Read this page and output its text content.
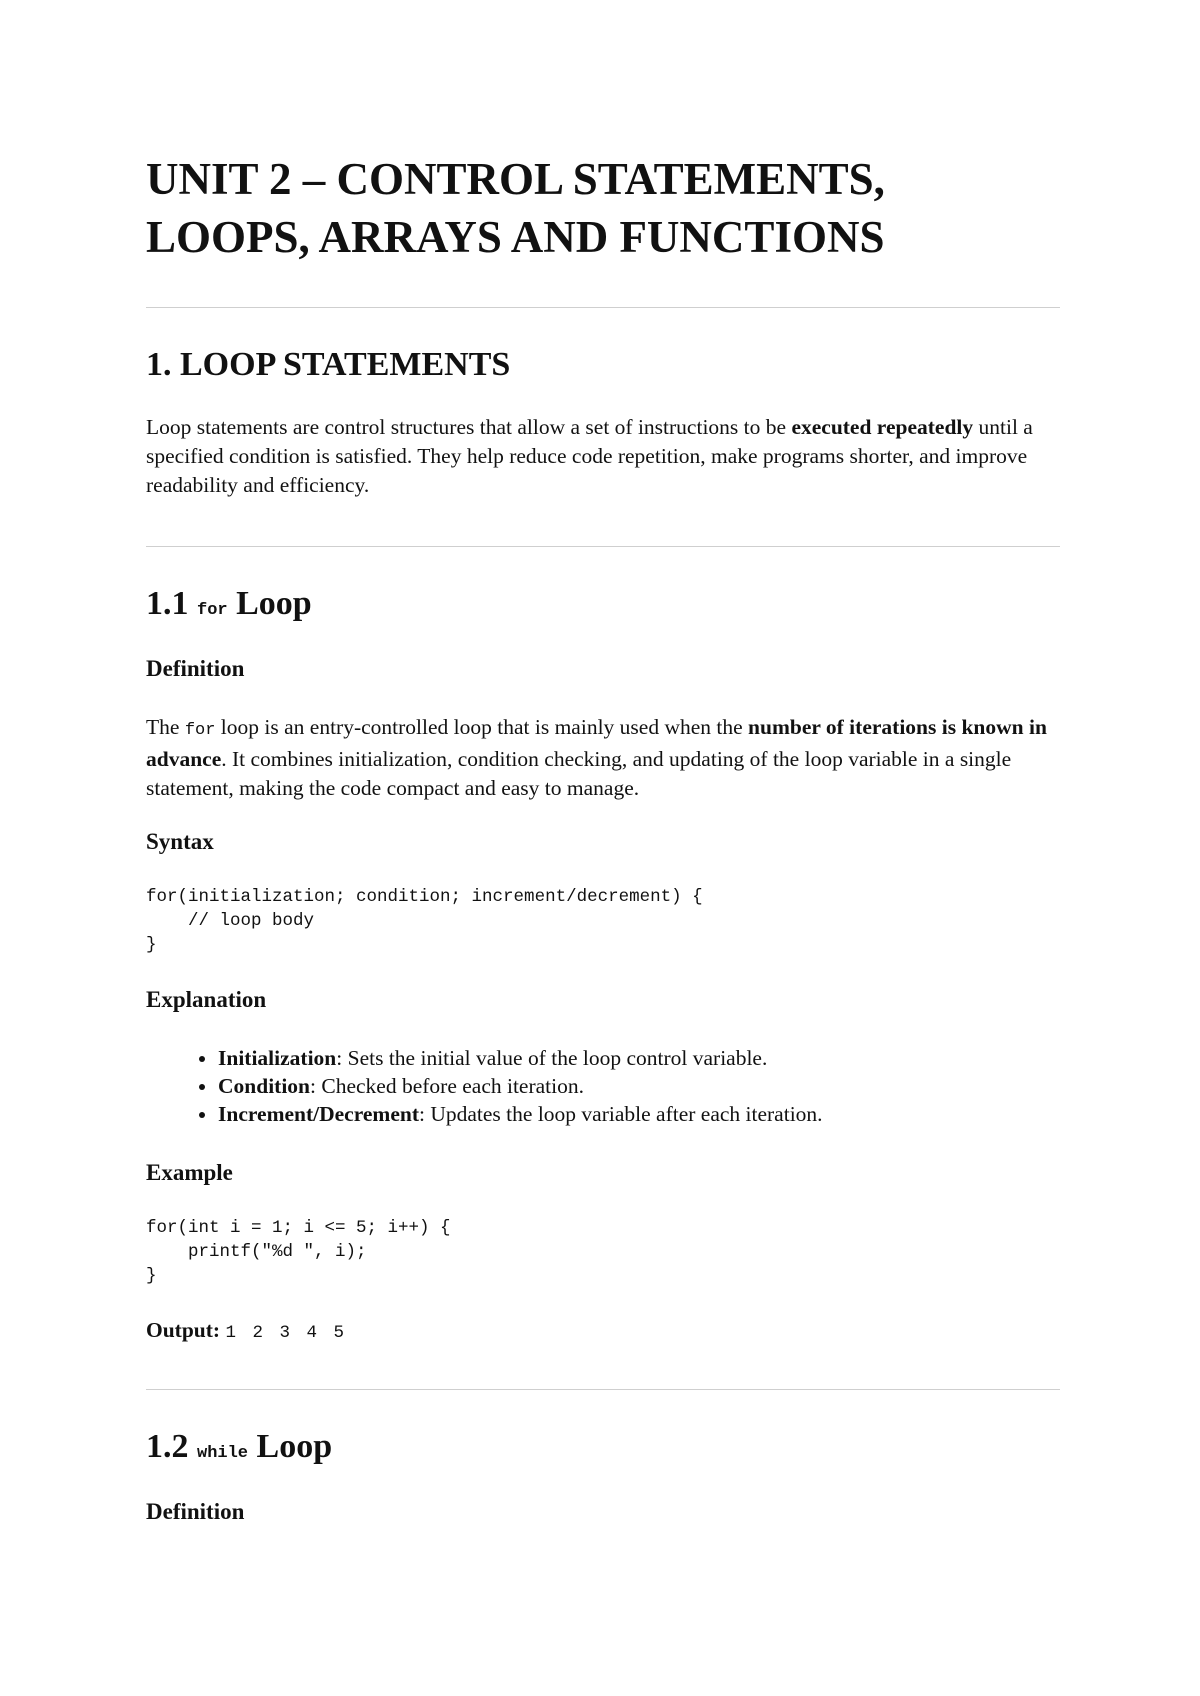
UNIT 2 – CONTROL STATEMENTS,
LOOPS, ARRAYS AND FUNCTIONS
1. LOOP STATEMENTS

Loop statements are control structures that allow a set of instructions to be executed repeatedly until a specified condition is satisfied. They help reduce code repetition, make programs shorter, and improve readability and efficiency.

1.1 for Loop
Definition

The for loop is an entry-controlled loop that is mainly used when the number of iterations is known in advance. It combines initialization, condition checking, and updating of the loop variable in a single statement, making the code compact and easy to manage.

Syntax
for(initialization; condition; increment/decrement) {
// loop body
}
Explanation
• Initialization: Sets the initial value of the loop control variable.
• Condition: Checked before each iteration.
• Increment/Decrement: Updates the loop variable after each iteration.
Example
for(int i = 1; i <= 5; i++) {
printf("%d ", i);
}

Output: 1 2 3 4 5

1.2 while Loop
Definition
